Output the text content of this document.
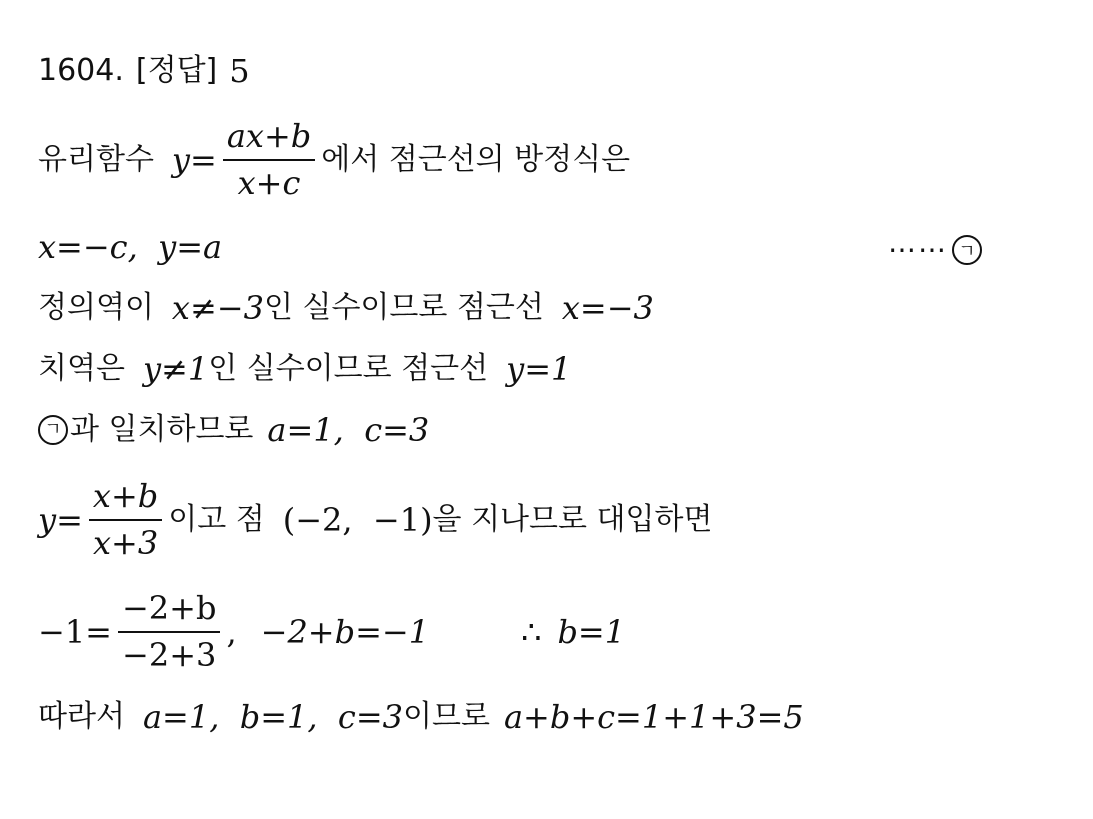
1604. [정답] 5
유리함수 $y = \frac{ax+b}{x+c}$ 에서 점근선의 방정식은
x=−c,  y=a	⋯⋯ ㄱ
정의역이 x≠−3 인 실수이므로 점근선 x=−3
치역은 y≠1 인 실수이므로 점근선 y=1
ㄱ 과 일치하므로 a=1,  c=3
$y= \frac{x+b}{x+3}$ 이고 점 (−2,  −1) 을 지나므로 대입하면
$-1= \frac{-2+b}{-2+3}$ , −2+b=−1	∴ b=1
따라서 a=1,  b=1,  c=3 이므로 a+b+c=1+1+3=5
